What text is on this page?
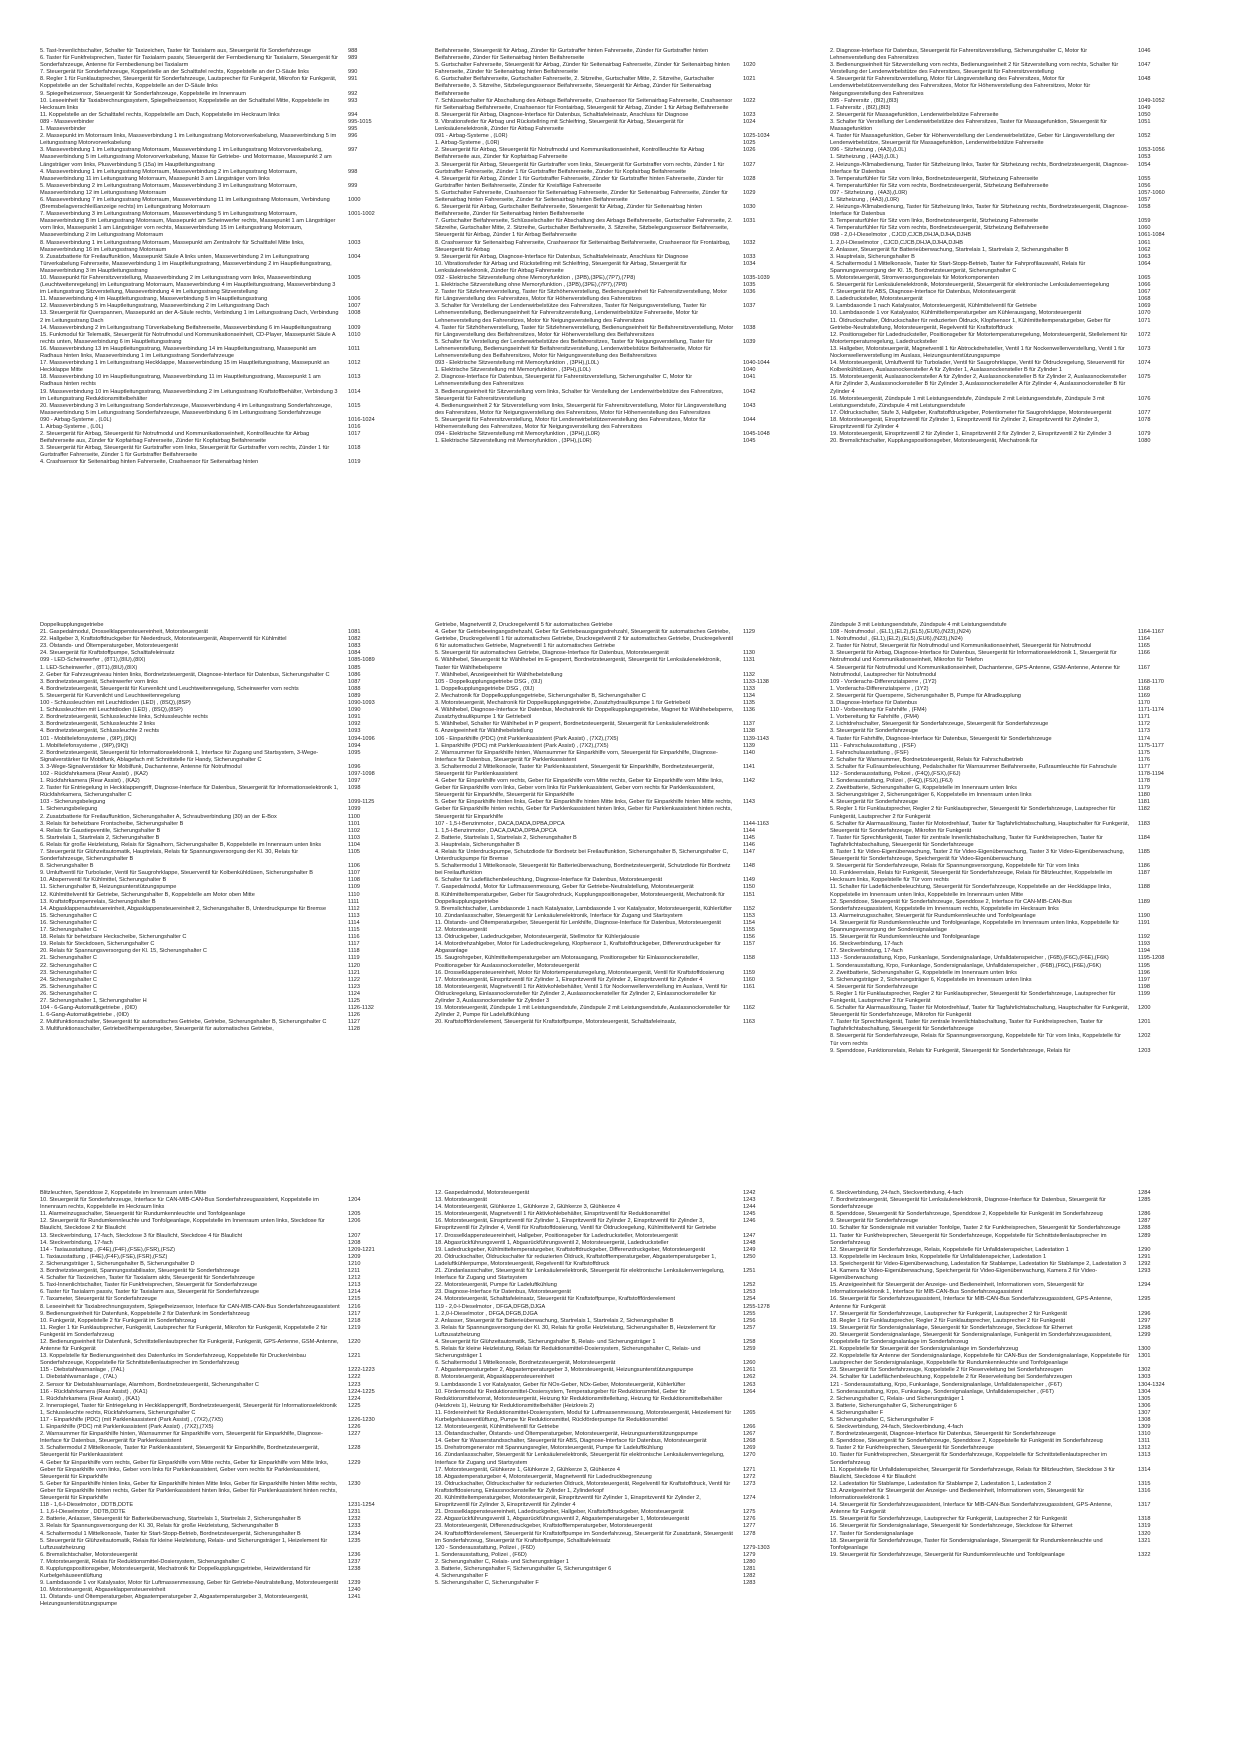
5. Tast-Innenlichtschalter, Schalter für Taxizeichen, Taster für Taxialarm aus, Steuergerät für Sonderfahrzeuge	988
6. Taster für Funkfreisprechen, Taster für Taxialarm passiv, Steuergerät der Fernbedienung für Taxialarm, Steuergerät für Sonderfahrzeuge, Antenne für Fernbedienung bei Taxialarm
989
7. Steuergerät für Sonderfahrzeuge, Koppelstelle an der Schalttafel rechts, Koppelstelle an der D-Säule links	990
8. Regler 1 für Funklautsprecher, Steuergerät für Sonderfahrzeuge, Lautsprecher für Funkgerät, Mikrofon für Funkgerät, Koppelstelle an der Schalttafel rechts, Koppelstelle an der D-Säule links
991
9. Spiegelheizsensor, Steuergerät für Sonderfahrzeuge, Koppelstelle im Innenraum	992
10. Leseeinheit für Taxiabrechnungssystem, Spiegelheizsensor, Koppelstelle an der Schalttafel Mitte, Koppelstelle im Heckraum links
993
11. Koppelstelle an der Schalttafel rechts, Koppelstelle am Dach, Koppelstelle im Heckraum links	994
089 - Masseverbinder	995-1015
1. Masseverbinder	995
2. Massepunkt im Motorraum links, Masseverbindung 1 im Leitungsstrang Motorvorverkabelung, Masseverbindung 5 im Leitungsstrang Motorvorverkabelung
996
3. Masseverbindung 1 im Leitungsstrang Motorraum, Masseverbindung 1 im Leitungsstrang Motorvorverkabelung, Masseverbindung 5 im Leitungsstrang Motorvorverkabelung, Masse für Getriebe- und Motormasse, Massepunkt 2 am Längsträger vorn links, Plusverbindung 5 (15a) im Hauptleitungsstrang
997
4. Masseverbindung 1 im Leitungsstrang Motorraum, Masseverbindung 2 im Leitungsstrang Motorraum, Masseverbindung 11 im Leitungsstrang Motorraum, Massepunkt 3 am Längsträger vorn links
998
5. Masseverbindung 2 im Leitungsstrang Motorraum, Masseverbindung 3 im Leitungsstrang Motorraum, Masseverbindung 12 im Leitungsstrang Motorraum
999
6. Masseverbindung 7 im Leitungsstrang Motorraum, Masseverbindung 11 im Leitungsstrang Motorraum, Verbindung (Bremsbelagverschleißanzeige rechts) im Leitungsstrang Motorraum
1000
7. Masseverbindung 3 im Leitungsstrang Motorraum, Masseverbindung 5 im Leitungsstrang Motorraum, Masseverbindung 8 im Leitungsstrang Motorraum, Massepunkt am Scheinwerfer rechts, Massepunkt 1 am Längsträger vorn links, Massepunkt 1 am Längsträger vorn rechts, Masseverbindung 15 im Leitungsstrang Motorraum, Masseverbindung 2 im Leitungsstrang Motorraum
1001-1002
8. Masseverbindung 1 im Leitungsstrang Motorraum, Massepunkt am Zentralrohr für Schalttafel Mitte links, Masseverbindung 16 im Leitungsstrang Motorraum
1003
9. Zusatzbatterie für Freilauffunktion, Massepunkt Säule A links unten, Masseverbindung 2 im Leitungsstrang Türverkabelung Fahrerseite, Masseverbindung 1 im Hauptleitungsstrang, Masseverbindung 2 im Hauptleitungsstrang, Masseverbindung 3 im Hauptleitungsstrang
1004
10. Massepunkt für Fahrersitzverstellung, Masseverbindung 2 im Leitungsstrang vorn links, Masseverbindung (Leuchtweitenregelung) im Leitungsstrang Motorraum, Masseverbindung 4 im Hauptleitungsstrang, Masseverbindung 3 im Leitungsstrang Sitzverstellung, Masseverbindung 4 im Leitungsstrang Sitzverstellung
1005
11. Masseverbindung 4 im Hauptleitungsstrang, Masseverbindung 5 im Hauptleitungsstrang	1006
12. Masseverbindung 5 im Hauptleitungsstrang, Masseverbindung 2 im Leitungsstrang Dach	1007
13. Steuergerät für Querspannen, Massepunkt an der A-Säule rechts, Verbindung 1 im Leitungsstrang Dach, Verbindung 2 im Leitungsstrang Dach
1008
14. Masseverbindung 2 im Leitungsstrang Türverkabelung Beifahrerseite, Masseverbindung 6 im Hauptleitungsstrang	1009
15. Funkmodul für Telematik, Steuergerät für Notrufmodul und Kommunikationseinheit, CD-Player, Massepunkt Säule A rechts unten, Masseverbindung 6 im Hauptleitungsstrang
1010
16. Masseverbindung 13 im Hauptleitungsstrang, Masseverbindung 14 im Hauptleitungsstrang, Massepunkt am Radhaus hinten links, Masseverbindung 1 im Leitungsstrang Sonderfahrzeuge
1011
17. Masseverbindung 1 im Leitungsstrang Heckklappe, Masseverbindung 15 im Hauptleitungsstrang, Massepunkt an Heckklappe Mitte
1012
18. Masseverbindung 10 im Hauptleitungsstrang, Masseverbindung 11 im Hauptleitungsstrang, Massepunkt 1 am Radhaus hinten rechts
1013
19. Masseverbindung 10 im Hauptleitungsstrang, Masseverbindung 2 im Leitungsstrang Kraftstoffbehälter, Verbindung 3 im Leitungsstrang Reduktionsmittelbehälter
1014
20. Masseverbindung 3 im Leitungsstrang Sonderfahrzeuge, Masseverbindung 4 im Leitungsstrang Sonderfahrzeuge, Masseverbindung 5 im Leitungsstrang Sonderfahrzeuge, Masseverbindung 6 im Leitungsstrang Sonderfahrzeuge
1015
090 - Airbag-Systeme , (L0L)	1016-1024
1. Airbag-Systeme , (L0L)	1016
2. Steuergerät für Airbag, Steuergerät für Notrufmodul und Kommunikationseinheit, Kontrollleuchte für Airbag Beifahrerseite aus, Zünder für Kopfairbag Fahrerseite, Zünder für Kopfairbag Beifahrerseite
1017
3. Steuergerät für Airbag, Steuergerät für Gurtstraffer vorn links, Steuergerät für Gurtstraffer vorn rechts, Zünder 1 für Gurtstraffer Fahrerseite, Zünder 1 für Gurtstraffer Beifahrerseite
1018
4. Crashsensor für Seitenairbag hinten Fahrerseite, Crashsensor für Seitenairbag hinten	1019
Beifahrerseite, Steuergerät für Airbag, Zünder für Gurtstraffer hinten Fahrerseite, Zünder für Gurtstraffer hinten Beifahrerseite, Zünder für Seitenairbag hinten Beifahrerseite
5. Gurtschalter Fahrerseite, Steuergerät für Airbag, Zünder für Seitenairbag Fahrerseite, Zünder für Seitenairbag hinten Fahrerseite, Zünder für Seitenairbag hinten Beifahrerseite
1020
6. Gurtschalter Beifahrerseite, Gurtschalter Fahrerseite, 2. Sitzreihe, Gurtschalter Mitte, 2. Sitzreihe, Gurtschalter Beifahrerseite, 3. Sitzreihe, Sitzbelegungssensor Beifahrerseite, Steuergerät für Airbag, Zünder für Seitenairbag Beifahrerseite
1021
7. Schlüsselschalter für Abschaltung des Airbags Beifahrerseite, Crashsensor für Seitenairbag Fahrerseite, Crashsensor für Seitenairbag Beifahrerseite, Crashsensor für Frontairbag, Steuergerät für Airbag, Zünder 1 für Airbag Beifahrerseite
1022
8. Steuergerät für Airbag, Diagnose-Interface für Datenbus, Schalttafeleinsatz, Anschluss für Diagnose	1023
9. Vibrationsfeder für Airbag und Rückstellring mit Schleifring, Steuergerät für Airbag, Steuergerät für Lenksäulenelektronik, Zünder für Airbag Fahrerseite
1024
091 - Airbag-Systeme , (L0R)	1025-1034
1. Airbag-Systeme , (L0R)	1025
2. Steuergerät für Airbag, Steuergerät für Notrufmodul und Kommunikationseinheit, Kontrollleuchte für Airbag Beifahrerseite aus, Zünder für Kopfairbag Fahrerseite
1026
3. Steuergerät für Airbag, Steuergerät für Gurtstraffer vorn links, Steuergerät für Gurtstraffer vorn rechts, Zünder 1 für Gurtstraffer Fahrerseite, Zünder 1 für Gurtstraffer Beifahrerseite, Zünder für Kopfairbag Beifahrerseite
1027
4. Steuergerät für Airbag, Zünder 1 für Gurtstraffer Fahrerseite, Zünder für Gurtstraffer hinten Fahrerseite, Zünder für Gurtstraffer hinten Beifahrerseite, Zünder für Kreisfläge Fahrerseite
1028
5. Gurtschalter Fahrerseite, Crashsensor für Seitenairbag Fahrerseite, Zünder für Seitenairbag Fahrerseite, Zünder für Seitenairbag hinten Fahrerseite, Zünder für Seitenairbag hinten Beifahrerseite
1029
6. Steuergerät für Airbag, Gurtschalter Beifahrerseite, Steuergerät für Airbag, Zünder für Seitenairbag hinten Beifahrerseite, Zünder für Seitenairbag hinten Beifahrerseite
1030
7. Gurtschalter Beifahrerseite, Schlüsselschalter für Abschaltung des Airbags Beifahrerseite, Gurtschalter Fahrerseite, 2. Sitzreihe, Gurtschalter Mitte, 2. Sitzreihe, Gurtschalter Beifahrerseite, 3. Sitzreihe, Sitzbelegungssensor Beifahrerseite, Steuergerät für Airbag, Zünder 1 für Airbag Beifahrerseite
1031
8. Crashsensor für Seitenairbag Fahrerseite, Crashsensor für Seitenairbag Beifahrerseite, Crashsensor für Frontairbag, Steuergerät für Airbag
1032
9. Steuergerät für Airbag, Diagnose-Interface für Datenbus, Schalttafeleinsatz, Anschluss für Diagnose	1033
10. Vibrationsfeder für Airbag und Rückstellring mit Schleifring, Steuergerät für Airbag, Steuergerät für Lenksäulenelektronik, Zünder für Airbag Fahrerseite
1034
092 - Elektrische Sitzverstellung ohne Memoryfunktion , (3PB),(3PE),(7P7),(7P8)	1035-1039
1. Elektrische Sitzverstellung ohne Memoryfunktion , (3PB),(3PE),(7P7),(7P8)	1035
2. Taster für Sitzlehnenverstellung, Taster für Sitzhöhenverstellung, Bedienungseinheit für Fahrersitzverstellung, Motor für Längsverstellung des Fahrersitzes, Motor für Höhenverstellung des Fahrersitzes
1036
3. Schalter für Verstellung der Lendenwirbelstütze des Fahrersitzes, Taster für Neigungsverstellung, Taster für Lehnenverstellung, Bedienungseinheit für Fahrersitzverstellung, Lendenwirbelstütze Fahrerseite, Motor für Lehnenverstellung des Fahrersitzes, Motor für Neigungsverstellung des Fahrersitzes
1037
4. Taster für Sitzhöhenverstellung, Taster für Sitzlehnenverstellung, Bedienungseinheit für Beifahrersitzverstellung, Motor für Längsverstellung des Beifahrersitzes, Motor für Höhenverstellung des Beifahrersitzes
1038
5. Schalter für Verstellung der Lendenwirbelstütze des Beifahrersitzes, Taster für Neigungsverstellung, Taster für Lehnenverstellung, Bedienungseinheit für Beifahrersitzverstellung, Lendenwirbelstütze Beifahrerseite, Motor für Lehnenverstellung des Beifahrersitzes, Motor für Neigungsverstellung des Beifahrersitzes
1039
093 - Elektrische Sitzverstellung mit Memoryfunktion , (3PH),(L0L)	1040-1044
1. Elektrische Sitzverstellung mit Memoryfunktion , (3PH),(L0L)	1040
2. Diagnose-Interface für Datenbus, Steuergerät für Fahrersitzverstellung, Sicherungshalter C, Motor für Lehnenverstellung des Fahrersitzes
1041
3. Bedienungseinheit für Sitzverstellung vorn links, Schalter für Verstellung der Lendenwirbelstütze des Fahrersitzes, Steuergerät für Fahrersitzverstellung
1042
4. Bedienungseinheit 2 für Sitzverstellung vorn links, Steuergerät für Fahrersitzverstellung, Motor für Längsverstellung des Fahrersitzes, Motor für Neigungsverstellung des Fahrersitzes, Motor für Höhenverstellung des Fahrersitzes
1043
5. Steuergerät für Fahrersitzverstellung, Motor für Lendenwirbelstützenverstellung des Fahrersitzes, Motor für Höhenverstellung des Fahrersitzes, Motor für Neigungsverstellung des Fahrersitzes
1044
094 - Elektrische Sitzverstellung mit Memoryfunktion , (3PH),(L0R)	1045-1048
1. Elektrische Sitzverstellung mit Memoryfunktion , (3PH),(L0R)	1045
2. Diagnose-Interface für Datenbus, Steuergerät für Fahrersitzverstellung, Sicherungshalter C, Motor für Lehnenverstellung des Fahrersitzes
1046
3. Bedienungseinheit für Sitzverstellung vorn rechts, Bedienungseinheit 2 für Sitzverstellung vorn rechts, Schalter für Verstellung der Lendenwirbelstütze des Fahrersitzes, Steuergerät für Fahrersitzverstellung
1047
4. Steuergerät für Fahrersitzverstellung, Motor für Längsverstellung des Fahrersitzes, Motor für Lendenwirbelstützenverstellung des Fahrersitzes, Motor für Höhenverstellung des Fahrersitzes, Motor für Neigungsverstellung des Fahrersitzes
1048
095 - Fahrersitz , (8I2),(8I3)	1049-1052
1. Fahrersitz , (8I2),(8I3)	1049
2. Steuergerät für Massagefunktion, Lendenwirbelstütze Fahrerseite	1050
3. Schalter für Verstellung der Lendenwirbelstütze des Fahrersitzes, Taster für Massagefunktion, Steuergerät für Massagefunktion
1051
4. Taster für Massagefunktion, Geber für Höhenverstellung der Lendenwirbelstütze, Geber für Längsverstellung der Lendenwirbelstütze, Steuergerät für Massagefunktion, Lendenwirbelstütze Fahrerseite
1052
096 - Sitzheizung , (4A3),(L0L)	1053-1056
1. Sitzheizung , (4A3),(L0L)	1053
2. Heizungs-/Klimabedienung, Taster für Sitzheizung links, Taster für Sitzheizung rechts, Bordnetzsteuergerät, Diagnose-Interface für Datenbus
1054
3. Temperaturfühler für Sitz vorn links, Bordnetzsteuergerät, Sitzheizung Fahrerseite	1055
4. Temperaturfühler für Sitz vorn rechts, Bordnetzsteuergerät, Sitzheizung Beifahrerseite	1056
097 - Sitzheizung , (4A3),(L0R)	1057-1060
1. Sitzheizung , (4A3),(L0R)	1057
2. Heizungs-/Klimabedienung, Taster für Sitzheizung links, Taster für Sitzheizung rechts, Bordnetzsteuergerät, Diagnose-Interface für Datenbus
1058
3. Temperaturfühler für Sitz vorn links, Bordnetzsteuergerät, Sitzheizung Fahrerseite	1059
4. Temperaturfühler für Sitz vorn rechts, Bordnetzsteuergerät, Sitzheizung Beifahrerseite	1060
098 - 2,0-l-Dieselmotor , CJCD,CJCB,DHJA,DJHA,DJHB	1061-1084
1. 2,0-l-Dieselmotor , CJCD,CJCB,DHJA,DJHA,DJHB	1061
2. Anlasser, Steuergerät für Batterieüberwachung, Startrelais 1, Startrelais 2, Sicherungshalter B	1062
3. Hauptrelais, Sicherungshalter B	1063
4. Schaltermodul 1 Mittelkonsole, Taster für Start-Stopp-Betrieb, Taster für Fahrprofilauswahl, Relais für Spannungsversorgung der Kl. 15, Bordnetzsteuergerät, Sicherungshalter C
1064
5. Motorsteuergerät, Stromversorgungsrelais für Motorkomponenten	1065
6. Steuergerät für Lenksäulenelektronik, Motorsteuergerät, Steuergerät für elektronische Lenksäulenverriegelung	1066
7. Steuergerät für ABS, Diagnose-Interface für Datenbus, Motorsteuergerät	1067
8. Ladedrucksteller, Motorsteuergerät	1068
9. Lambdasonde 1 nach Katalysator, Motorsteuergerät, Kühlmittelventil für Getriebe	1069
10. Lambdasonde 1 vor Katalysator, Kühlmitteltemperaturgeber am Kühlerausgang, Motorsteuergerät	1070
11. Öldruckschalter, Öldruckschalter für reduzierten Öldruck, Klopfsensor 1, Kühlmitteltemperaturgeber, Geber für Getriebe-Neutralstellung, Motorsteuergerät, Regelventil für Kraftstoffdruck
1071
12. Positionsgeber für Ladedrucksteller, Positionsgeber für Motortemperaturregelung, Motorsteuergerät, Stellelement für Motortemperaturregelung, Ladedrucksteller
1072
13. Hallgeber, Motorsteuergerät, Magnetventil 1 für Abtrockdrehsteller, Ventil 1 für Nockenwellenverstellung, Ventil 1 für Nockenwellenverstellung im Auslass, Heizungsunterstützungspumpe
1073
14. Motorsteuergerät, Umluftventil für Turbolader, Ventil für Saugrohrklappe, Ventil für Öldruckregelung, Steuerventil für Kolbenkühldüsen, Auslassnockensteller A für Zylinder 1, Auslassnockensteller B für Zylinder 1
1074
15. Motorsteuergerät, Auslassnockensteller A für Zylinder 2, Auslassnockensteller B für Zylinder 2, Auslassnockensteller A für Zylinder 3, Auslassnockensteller B für Zylinder 3, Auslassnockensteller A für Zylinder 4, Auslassnockensteller B für Zylinder 4
1075
16. Motorsteuergerät, Zündspule 1 mit Leistungsendstufe, Zündspule 2 mit Leistungsendstufe, Zündspule 3 mit Leistungsendstufe, Zündspule 4 mit Leistungsendstufe
1076
17. Öldruckschalter, Stufe 3, Hallgeber, Kraftstoffdruckgeber, Potentiometer für Saugrohrklappe, Motorsteuergerät	1077
18. Motorsteuergerät, Einspritzventil für Zylinder 1, Einspritzventil für Zylinder 2, Einspritzventil für Zylinder 3, Einspritzventil für Zylinder 4
1078
19. Motorsteuergerät, Einspritzventil 2 für Zylinder 1, Einspritzventil 2 für Zylinder 2, Einspritzventil 2 für Zylinder 3	1079
20. Bremslichtschalter, Kupplungspositionsgeber, Motorsteuergerät, Mechatronik für	1080
Doppelkupplungsgetriebe
21. Gaspedalmodul, Drosselklappensteuereinheit, Motorsteuergerät	1081
22. Hallgeber 3, Kraftstoffdruckgeber für Niederdruck, Motorsteuergerät, Absperrventil für Kühlmittel	1082
23. Ölstands- und Öltemperaturgeber, Motorsteuergerät	1083
24. Steuergerät für Kraftstoffpumpe, Schalttafeleinsatz	1084
099 - LED-Scheinwerfer , (8T1),(8IU),(8IX)	1085-1089
1. LED-Scheinwerfer , (8T1),(8IU),(8IX)	1085
2. Geber für Fahrzeugniveau hinten links, Bordnetzsteuergerät, Diagnose-Interface für Datenbus, Sicherungshalter C	1086
3. Bordnetzsteuergerät, Scheinwerfer vorn links	1087
4. Bordnetzsteuergerät, Steuergerät für Kurvenlicht und Leuchtweitenregelung, Scheinwerfer vorn rechts	1088
5. Steuergerät für Kurvenlicht und Leuchtweitenregelung	1089
100 - Schlussleuchten mit Leuchtdioden (LED) , (8SQ),(8SP)	1090-1093
1. Schlussleuchten mit Leuchtdioden (LED) , (8SQ),(8SP)	1090
2. Bordnetzsteuergerät, Schlussleuchte links, Schlussleuchte rechts	1091
3. Bordnetzsteuergerät, Schlussleuchte 2 links	1092
4. Bordnetzsteuergerät, Schlussleuchte 2 rechts	1093
101 - Mobiltelefonsysteme , (9IP),(9IQ)	1094-1096
1. Mobiltelefonsysteme , (9IP),(9IQ)	1094
2. Bordnetzsteuergerät, Steuergerät für Informationselektronik 1, Interface für Zugang und Startsystem, 3-Wege-Signalverstärker für Mobilfunk, Ablagefach mit Schnittstelle für Handy, Sicherungshalter C
1095
3. 3-Wege-Signalverstärker für Mobilfunk, Dachantenne, Antenne für Notrufmodul	1096
102 - Rückfahrkamera (Rear Assist) , (KA2)	1097-1098
1. Rückfahrkamera (Rear Assist) , (KA2)	1097
2. Taster für Entriegelung in Heckklappengriff, Diagnose-Interface für Datenbus, Steuergerät für Informationselektronik 1, Rückfahrkamera, Sicherungshalter C
1098
103 - Sicherungsbelegung	1099-1125
1. Sicherungsbelegung	1099
2. Zusatzbatterie für Freilauffunktion, Sicherungshalter A, Schraubverbindung (30) an der E-Box	1100
3. Relais für beheizbare Frontscheibe, Sicherungshalter B	1101
4. Relais für Gaustiepventile, Sicherungshalter B	1102
5. Startrelais 1, Startrelais 2, Sicherungshalter B	1103
6. Relais für große Heizleistung, Relais für Signalhorn, Sicherungshalter B, Koppelstelle im Innenraum unten links	1104
7. Steuergerät für Glühzeitautomatik, Hauptrelais, Relais für Spannungsversorgung der Kl. 30, Relais für Sonderfahrzeuge, Sicherungshalter B
1105
8. Sicherungshalter B	1106
9. Umluftventil für Turbolader, Ventil für Saugrohrklappe, Steuerventil für Kolbenkühldüsen, Sicherungshalter B	1107
10. Absperrventil für Kühlmittel, Sicherungshalter B	1108
11. Sicherungshalter B, Heizungsunterstützungspumpe	1109
12. Kühlmittelventil für Getriebe, Sicherungshalter B, Koppelstelle am Motor oben Mitte	1110
13. Kraftstoffpumpenrelais, Sicherungshalter B	1111
14. Abgasklappenaufsteuereinheit, Abgasklappensteuereinheit 2, Sicherungshalter B, Unterdruckpumpe für Bremse	1112
15. Sicherungshalter C	1113
16. Sicherungshalter C	1114
17. Sicherungshalter C	1115
18. Relais für beheizbare Heckscheibe, Sicherungshalter C	1116
19. Relais für Steckdosen, Sicherungshalter C	1117
20. Relais für Spannungsversorgung der Kl. 15, Sicherungshalter C	1118
21. Sicherungshalter C	1119
22. Sicherungshalter C	1120
23. Sicherungshalter C	1121
24. Sicherungshalter C	1122
25. Sicherungshalter C	1123
26. Sicherungshalter C	1124
27. Sicherungshalter 1, Sicherungshalter H	1125
104 - 6-Gang-Automatikgetriebe , (0ID)	1126-1132
1. 6-Gang-Automatikgetriebe , (0ID)	1126
2. Multifunktionsschalter, Steuergerät für automatisches Getriebe, Getriebe, Sicherungshalter B, Sicherungshalter C	1127
3. Multifunktionsschalter, Getriebeölhemperaturgeber, Steuergerät für automatisches Getriebe,	1128
Getriebe, Magnetventil 2, Druckregelventil 5 für automatisches Getriebe
4. Geber für Getriebeeingangsdrehzahl, Geber für Getriebeausgangsdrehzahl, Steuergerät für automatisches Getriebe, Getriebe, Druckregelventil 1 für automatisches Getriebe, Druckregelventil 2 für automatisches Getriebe, Druckregelventil 6 für automatisches Getriebe, Magnetventil 1 für automatisches Getriebe
1129
5. Steuergerät für automatisches Getriebe, Diagnose-Interface für Datenbus, Motorsteuergerät	1130
6. Wählhebel, Steuergerät für Wählhebel im E-gesperrt, Bordnetzsteuergerät, Steuergerät für Lenksäulenelektronik, Taster für Wählhebelsperre
1131
7. Wählhebel, Anzeigeeinheit für Wählhebelstellung	1132
105 - Doppelkupplungsgetriebe DSG , (0IJ)	1133-1138
1. Doppelkupplungsgetriebe DSG , (0IJ)	1133
2. Mechatronik für Doppelkupplungsgetriebe, Sicherungshalter B, Sicherungshalter C	1134
3. Motorsteuergerät, Mechatronik für Doppelkupplungsgetriebe, Zusatzhydraulikpumpe 1 für Getriebeöl	1135
4. Wählhebel, Diagnose-Interface für Datenbus, Mechatronik für Doppelkupplungsgetriebe, Magnet für Wählhebelsperre, Zusatzhydraulikpumpe 1 für Getriebeöl
1136
5. Wählhebel, Schalter für Wählhebel in P gesperrt, Bordnetzsteuergerät, Steuergerät für Lenksäulenelektronik	1137
6. Anzeigeeinheit für Wählhebelstellung	1138
106 - Einparkhilfe (PDC) (mit Parklenkassistent (Park Assist) , (7X2),(7X5)	1139-1143
1. Einparkhilfe (PDC) mit Parklenkassistent (Park Assist) , (7X2),(7X5)	1139
2. Warnsummer für Einparkhilfe hinten, Warnsummer für Einparkhilfe vorn, Steuergerät für Einparkhilfe, Diagnose-Interface für Datenbus, Steuergerät für Parklenkassistent
1140
3. Schaltermodul 2 Mittelkonsole, Taster für Parklenkassistent, Steuergerät für Einparkhilfe, Bordnetzsteuergerät, Steuergerät für Parklenkassistent
1141
4. Geber für Einparkhilfe vorn rechts, Geber für Einparkhilfe vorn Mitte rechts, Geber für Einparkhilfe vorn Mitte links, Geber für Einparkhilfe vorn links, Geber vorn links für Parklenkassistent, Geber vorn rechts für Parklenkassistent, Steuergerät für Einparkhilfe, Steuergerät für Einparkhilfe
1142
5. Geber für Einparkhilfe hinten links, Geber für Einparkhilfe hinten Mitte links, Geber für Einparkhilfe hinten Mitte rechts, Geber für Einparkhilfe hinten rechts, Geber für Parklenkassistent hinten links, Geber für Parklenkassistent hinten rechts, Steuergerät für Einparkhilfe
1143
107 - 1,5-l-Benzinmotor , DACA,DADA,DPBA,DPCA	1144-1163
1. 1,5-l-Benzinmotor , DACA,DADA,DPBA,DPCA	1144
2. Batterie, Startrelais 1, Startrelais 2, Sicherungshalter B	1145
3. Hauptrelais, Sicherungshalter B	1146
4. Relais für Unterdruckpumpe, Schutzdiode für Bordnetz bei Freilauffunktion, Sicherungshalter B, Sicherungshalter C, Unterdruckpumpe für Bremse
1147
5. Schaltermodul 1 Mittelkonsole, Steuergerät für Batterieüberwachung, Bordnetzsteuergerät, Schutzdiode für Bordnetz bei Freilauffunktion
1148
6. Schalter für Ladeflächenbeleuchtung, Diagnose-Interface für Datenbus, Motorsteuergerät	1149
7. Gaspedalmodul, Motor für Luftmassenmessung, Geber für Getriebe-Neutralstellung, Motorsteuergerät	1150
8. Kühlmitteltemperaturgeber, Geber für Saugrohrdruck, Kupplungspositionsgeber, Motorsteuergerät, Mechatronik für Doppelkupplungsgetriebe
1151
9. Bremslichtschalter, Lambdasonde 1 nach Katalysator, Lambdasonde 1 vor Katalysator, Motorsteuergerät, Kühlerlüfter	1152
10. Zündanlassschalter, Steuergerät für Lenksäulenelektronik, Interface für Zugang und Startsystem	1153
11. Ölstands- und Öltemperaturgeber, Steuergerät für Lenkhilfe, Diagnose-Interface für Datenbus, Motorsteuergerät	1154
12. Motorsteuergerät	1155
13. Öldruckgeber, Ladedruckgeber, Motorsteuergerät, Stellmotor für Kühlerjalousie	1156
14. Motordrehzahlgeber, Motor für Ladedruckregelung, Klopfsensor 1, Kraftstoffdruckgeber, Differenzdruckgeber für Abgasanlage
1157
15. Saugrohrgeber, Kühlmitteltemperaturgeber am Motorausgang, Positionsgeber für Einlassnockensteller, Positionsgeber für Auslassnockensteller, Motorsteuergerät
1158
16. Drosselklappensteuereinheit, Motor für Motortemperaturregelung, Motorsteuergerät, Ventil für Kraftstoffdosierung	1159
17. Motorsteuergerät, Einspritzventil für Zylinder 1, Einspritzventil für Zylinder 2, Einspritzventil für Zylinder 4	1160
18. Motorsteuergerät, Magnetventil 1 für Aktivkohlebehälter, Ventil 1 für Nockenwellenverstellung im Auslass, Ventil für Öldruckregelung, Einlassnockensteller für Zylinder 2, Auslassnockensteller für Zylinder 2, Einlassnockensteller für Zylinder 3, Auslassnockensteller für Zylinder 3
1161
19. Motorsteuergerät, Zündspule 1 mit Leistungsendstufe, Zündspule 2 mit Leistungsendstufe, Auslassnockensteller für Zylinder 2, Pumpe für Ladeluftkühlung
1162
20. Kraftstoffförderelement, Steuergerät für Kraftstoffpumpe, Motorsteuergerät, Schalttafeleinsatz,	1163
Zündspule 3 mit Leistungsendstufe, Zündspule 4 mit Leistungsendstufe
108 - Notrufmodul , (EL1),(EL2),(EL5),(EU6),(N23),(N24)	1164-1167
1. Notrufmodul , (EL1),(EL2),(EL5),(EU6),(N23),(N24)	1164
2. Taster für Notruf, Steuergerät für Notrufmodul und Kommunikationseinheit, Steuergerät für Notrufmodul	1165
3. Steuergerät für Airbag, Diagnose-Interface für Datenbus, Steuergerät für Informationselektronik 1, Steuergerät für Notrufmodul und Kommunikationseinheit, Mikrofon für Telefon
1166
4. Steuergerät für Notrufmodul und Kommunikationseinheit, Dachantenne, GPS-Antenne, GSM-Antenne, Antenne für Notrufmodul, Lautsprecher für Notrufmodul
1167
109 - Vorderachs-Differenzialsperre , (1Y2)	1168-1170
1. Vorderachs-Differenzialsperre , (1Y2)	1168
2. Steuergerät für Quersperre, Sicherungshalter B, Pumpe für Allradkupplung	1169
3. Diagnose-Interface für Datenbus	1170
110 - Vorbereitung für Fahrhilfe , (FM4)	1171-1174
1. Vorbereitung für Fahrhilfe , (FM4)	1171
2. Lichtdrehschalter, Steuergerät für Sonderfahrzeuge, Steuergerät für Sonderfahrzeuge	1172
3. Steuergerät für Sonderfahrzeuge	1173
4. Taster für Fahrhilfe, Diagnose-Interface für Datenbus, Steuergerät für Sonderfahrzeuge	1174
111 - Fahrschulausstattung , (FSF)	1175-1177
1. Fahrschulausstattung , (FSF)	1175
2. Schalter für Warnsummer, Bordnetzsteuergerät, Relais für Fahrschulbetrieb	1176
3. Schalter für Fußraumbeleuchtung, Pedalschalter für Warnsummer Beifahrerseite, Fußraumleuchte für Fahrschule	1177
112 - Sonderausstattung, Polizei , (F4Q),(FSX),(F6J)	1178-1194
1. Sonderausstattung, Polizei , (F4Q),(FSX),(F6J)	1178
2. Zweitbatterie, Sicherungshalter G, Koppelstelle im Innenraum unten links	1179
3. Sicherungsträger 2, Sicherungsträger 6, Koppelstelle im Innenraum unten links	1180
4. Steuergerät für Sonderfahrzeuge	1181
5. Regler 1 für Funklautsprecher, Regler 2 für Funklautsprecher, Steuergerät für Sonderfahrzeuge, Lautsprecher für Funkgerät, Lautsprecher 2 für Funkgerät
1182
6. Schalter für Alarmauslösung, Taster für Motordrehlauf, Taster für Tagfahrlichtabschaltung, Hauptschalter für Funkgerät, Steuergerät für Sonderfahrzeuge, Mikrofon für Funkgerät
1183
7. Taster für Sprechfunkgerät, Taster für zentrale Innenlichtabschaltung, Taster für Funkfreisprechen, Taster für Tagfahrlichtabschaltung, Steuergerät für Sonderfahrzeuge
1184
8. Taster 1 für Video-Eigenüberwachung, Taster 2 für Video-Eigenüberwachung, Taster 3 für Video-Eigenüberwachung, Steuergerät für Sonderfahrzeuge, Speichergerät für Video-Eigenüberwachung
1185
9. Steuergerät für Sonderfahrzeuge, Relais für Spannungsversorgung, Koppelstelle für Tür vorn links	1186
10. Funkleerrelais, Relais für Funkgerät, Steuergerät für Sonderfahrzeuge, Relais für Blitzleuchter, Koppelstelle im Heckraum links, Koppelstelle für Tür vorn rechts
1187
11. Schalter für Ladeflächenbeleuchtung, Steuergerät für Sonderfahrzeuge, Koppelstelle an der Heckklappe links, Koppelstelle im Innenraum unten links, Koppelstelle im Innenraum unten Mitte
1188
12. Spenddose, Steuergerät für Sonderfahrzeuge, Spenddose 2, Interface für CAN-MIB-CAN-Bus Sonderfahrzeugassistent, Koppelstelle im Innenraum rechts, Koppelstelle im Heckraum links
1189
13. Alarmeinzugsschalter, Steuergerät für Rundumkennleuchte und Tonfolgeanlage	1190
14. Steuergerät für Rundumkennleuchte und Tonfolgeanlage, Koppelstelle im Innenraum unten links, Koppelstelle für Spannungsversorgung der Sondersignalanlage
1191
15. Steuergerät für Rundumkennleuchte und Tonfolgeanlage	1192
16. Steckverbindung, 17-fach	1193
17. Steckverbindung, 17-fach	1194
113 - Sonderausstattung, Krpo, Funkanlage, Sondersignalanlage, Unfalldatenspeicher , (F6B),(F6C),(F6E),(F6K)	1195-1208
1. Sonderausstattung, Krpo, Funkanlage, Sondersignalanlage, Unfalldatenspeicher , (F6B),(F6C),(F6E),(F6K)	1195
2. Zweitbatterie, Sicherungshalter G, Koppelstelle im Innenraum unten links	1196
3. Sicherungsträger 2, Sicherungsträger 6, Koppelstelle im Innenraum unten links	1197
4. Steuergerät für Sonderfahrzeuge	1198
5. Regler 1 für Funklautsprecher, Regler 2 für Funklautsprecher, Steuergerät für Sonderfahrzeuge, Lautsprecher für Funkgerät, Lautsprecher 2 für Funkgerät
1199
6. Schalter für Alarmauslösung, Taster für Motordrehlauf, Taster für Tagfahrlichtabschaltung, Hauptschalter für Funkgerät, Steuergerät für Sonderfahrzeuge, Mikrofon für Funkgerät
1200
7. Taster für Sprechfunkgerät, Taster für zentrale Innenlichtabschaltung, Taster für Funkfreisprechen, Taster für Tagfahrlichtabschaltung, Steuergerät für Sonderfahrzeuge
1201
8. Steuergerät für Sonderfahrzeuge, Relais für Spannungsversorgung, Koppelstelle für Tür vorn links, Koppelstelle für Tür vorn rechts
1202
9. Spenddose, Funktionsrelais, Relais für Funkgerät, Steuergerät für Sonderfahrzeuge, Relais für	1203
Blitzleuchten, Spenddose 2, Koppelstelle im Innenraum unten Mitte
10. Steuergerät für Sonderfahrzeuge, Interface für CAN-MIB-CAN-Bus Sonderfahrzeugassistent, Koppelstelle im Innenraum rechts, Koppelstelle im Heckraum links
1204
11. Alarmeinzugsschalter, Steuergerät für Rundumkennleuchte und Tonfolgeanlage	1205
12. Steuergerät für Rundumkennleuchte und Tonfolgeanlage, Koppelstelle im Innenraum unten links, Steckdose für Blaulicht, Steckdose 2 für Blaulicht
1206
13. Steckverbindung, 17-fach, Steckdose 3 für Blaulicht, Steckdose 4 für Blaulicht	1207
14. Steckverbindung, 17-fach	1208
114 - Taxiausstattung , (F4E),(F4F),(FSE),(FSR),(FSZ)	1209-1221
1. Taxiausstattung , (F4E),(F4F),(FSE),(FSR),(FSZ)	1209
2. Sicherungsträger 1, Sicherungshalter B, Sicherungshalter D	1210
3. Bordnetzsteuergerät, Spannungsstabilisator, Steuergerät für Sonderfahrzeuge	1211
4. Schalter für Taxizeichen, Taster für Taxialarm aktiv, Steuergerät für Sonderfahrzeuge	1212
5. Taxi-Innenlichtschalter, Taster für Funkfreisprechen, Steuergerät für Sonderfahrzeuge	1213
6. Taster für Taxialarm passiv, Taster für Taxialarm aus, Steuergerät für Sonderfahrzeuge	1214
7. Taxameter, Steuergerät für Sonderfahrzeuge	1215
8. Leseeinheit für Taxiabrechnungssystem, Spiegelheizsensor, Interface für CAN-MIB-CAN-Bus Sonderfahrzeugassistent 1216
9. Bedienungseinheit für Datenfunk, Koppelstelle 2 für Datenfunk im Sonderfahrzeug	1217
10. Funkgerät, Koppelstelle 2 für Funkgerät im Sonderfahrzeug	1218
11. Regler 1 für Funklautsprecher, Funkgerät, Lautsprecher für Funkgerät, Mikrofon für Funkgerät, Koppelstelle 2 für Funkgerät im Sonderfahrzeug
1219
12. Bedienungseinheit für Datenfunk, Schnittstellenlautsprecher für Funkgerät, Funkgerät, GPS-Antenne, GSM-Antenne, Antenne für Funkgerät
1220
13. Koppelstelle für Bedienungseinheit des Datenfunks im Sonderfahrzeug, Koppelstelle für Drucker/einbau Sonderfahrzeuge, Koppelstelle für Schnittstellenlautsprecher im Sonderfahrzeug
1221
115 - Diebstahlwarnanlage , (7AL)	1222-1223
1. Diebstahlwarnanlage , (7AL)	1222
2. Sensor für Diebstahlwarnanlage, Alarmhorn, Bordnetzsteuergerät, Sicherungshalter C	1223
116 - Rückfahrkamera (Rear Assist) , (KA1)	1224-1225
1. Rückfahrkamera (Rear Assist) , (KA1)	1224
2. Innenspiegel, Taster für Entriegelung in Heckklappengriff, Bordnetzsteuergerät, Steuergerät für Informationselektronik 1, Schlussleuchte rechts, Rückfahrkamera, Sicherungshalter C
1225
117 - Einparkhilfe (PDC) (mit Parklenkassistent (Park Assist) , (7X2),(7X5)	1226-1230
1. Einparkhilfe (PDC) mit Parklenkassistent (Park Assist) , (7X2),(7X5)	1226
2. Warnsummer für Einparkhilfe hinten, Warnsummer für Einparkhilfe vorn, Steuergerät für Einparkhilfe, Diagnose-Interface für Datenbus, Steuergerät für Parklenkassistent
1227
3. Schaltermodul 2 Mittelkonsole, Taster für Parklenkassistent, Steuergerät für Einparkhilfe, Bordnetzsteuergerät, Steuergerät für Parklenkassistent
1228
4. Geber für Einparkhilfe vorn rechts, Geber für Einparkhilfe vorn Mitte rechts, Geber für Einparkhilfe vorn Mitte links, Geber für Einparkhilfe vorn links, Geber vorn links für Parklenkassistent, Geber vorn rechts für Parklenkassistent, Steuergerät für Einparkhilfe
1229
5. Geber für Einparkhilfe hinten links, Geber für Einparkhilfe hinten Mitte links, Geber für Einparkhilfe hinten Mitte rechts, Geber für Einparkhilfe hinten rechts, Geber für Parklenkassistent hinten links, Geber für Parklenkassistent hinten rechts, Steuergerät für Einparkhilfe
1230
118 - 1,6-l-Dieselmotor , DDTB,DDTE	1231-1254
1. 1,6-l-Dieselmotor , DDTB,DDTE	1231
2. Batterie, Anlasser, Steuergerät für Batterieüberwachung, Startrelais 1, Startrelais 2, Sicherungshalter B	1232
3. Relais für Spannungsversorgung der Kl. 30, Relais für große Heizleistung, Sicherungshalter B	1233
4. Schaltermodul 1 Mittelkonsole, Taster für Start-Stopp-Betrieb, Bordnetzsteuergerät, Sicherungshalter B	1234
5. Steuergerät für Glühzeitautomatik, Relais für kleine Heizleistung, Relais- und Sicherungsträger 1, Heizelement für Luftzusatzheizung
1235
6. Bremslichtschalter, Motorsteuergerät	1236
7. Motorsteuergerät, Relais für Reduktionsmittel-Dosiersystem, Sicherungshalter C	1237
8. Kupplungspositionsgeber, Motorsteuergerät, Mechatronik für Doppelkupplungsgetriebe, Heizwiderstand für Kurbelgehäuseentlüftung
1238
9. Lambdasonde 1 vor Katalysator, Motor für Luftmassenmessung, Geber für Getriebe-Neutralstellung, Motorsteuergerät	1239
10. Motorsteuergerät, Abgaseklappensteuereinheit	1240
11. Ölstands- und Öltemperaturgeber, Abgastemperaturgeber 2, Abgastemperaturgeber 3, Motorsteuergerät, Heizungsunterstützungspumpe
1241
12. Gaspedalmodul, Motorsteuergerät	1242
13. Motorsteuergerät	1243
14. Motorsteuergerät, Glühkerze 1, Glühkerze 2, Glühkerze 3, Glühkerze 4	1244
15. Motorsteuergerät, Magnetventil 1 für Aktivkohlebehälter, Einspritzventil für Reduktionsmittel	1245
16. Motorsteuergerät, Einspritzventil für Zylinder 1, Einspritzventil für Zylinder 2, Einspritzventil für Zylinder 3, Einspritzventil für Zylinder 4, Ventil für Kraftstoffdosierung, Ventil für Öldruckregelung, Kühlmittelventil für Getriebe
1246
17. Drosselklappensteuereinheit, Hallgeber, Positionsgeber für Ladedrucksteller, Motorsteuergerät	1247
18. Abgasrückführungsventil 1, Abgasrückführungsventil 2, Motorsteuergerät, Ladedrucksteller	1248
19. Ladedruckgeber, Kühlmitteltemperaturgeber, Kraftstoffdruckgeber, Differenzdruckgeber, Motorsteuergerät	1249
20. Öldruckschalter, Öldruckschalter für reduzierten Öldruck, Kraftstofftemperaturgeber, Abgastemperaturgeber 1, Ladeluftkühlerpumpe, Motorsteuergerät, Regelventil für Kraftstoffdruck
1250
21. Zündanlassschalter, Steuergerät für Lenksäulenelektronik, Steuergerät für elektronische Lenksäulenverriegelung, Interface für Zugang und Startsystem
1251
22. Motorsteuergerät, Pumpe für Ladeluftkühlung	1252
23. Diagnose-Interface für Datenbus, Motorsteuergerät	1253
24. Motorsteuergerät, Schalttafeleinsatz, Steuergerät für Kraftstoffpumpe, Kraftstoffförderelement	1254
119 - 2,0-l-Dieselmotor , DFGA,DFGB,DJGA	1255-1278
1. 2,0-l-Dieselmotor , DFGA,DFGB,DJGA	1255
2. Anlasser, Steuergerät für Batterieüberwachung, Startrelais 1, Startrelais 2, Sicherungshalter B	1256
3. Relais für Spannungsversorgung der Kl. 30, Relais für große Heizleistung, Sicherungshalter B, Heizelement für Luftzusatzheizung
1257
4. Steuergerät für Glühzeitautomatik, Sicherungshalter B, Relais- und Sicherungsträger 1	1258
5. Relais für kleine Heizleistung, Relais für Reduktionsmittel-Dosiersystem, Sicherungshalter C, Relais- und Sicherungsträger 1
1259
6. Schaltermodul 1 Mittelkonsole, Bordnetzsteuergerät, Motorsteuergerät	1260
7. Abgastemperaturgeber 2, Abgastemperaturgeber 3, Motorsteuergerät, Heizungsunterstützungspumpe	1261
8. Motorsteuergerät, Abgasklappensteuereinheit	1262
9. Lambdasonde 1 vor Katalysator, Geber für NOx-Geber, NOx-Geber, Motorsteuergerät, Kühlerlüfter	1263
10. Fördermodul für Reduktionsmittel-Dosiersystem, Temperaturgeber für Reduktionsmittel, Geber für Reduktionsmittelvorrat, Motorsteuergerät, Heizung für Reduktionsmittelleitung, Heizung für Reduktionsmittelbehälter (Heizkreis 1), Heizung für Reduktionsmittelbehälter (Heizkreis 2)
1264
11. Fördereinheit für Reduktionsmittel-Dosiersystem, Modul für Luftmassenmessung, Motorsteuergerät, Heizelement für Kurbelgehäuseentlüftung, Pumpe für Reduktionsmittel, Rückförderpumpe für Reduktionsmittel
1265
12. Motorsteuergerät, Kühlmittelventil für Getriebe	1266
13. Ölstandsschalter, Ölstands- und Öltemperaturgeber, Motorsteuergerät, Heizungsunterstützungspumpe	1267
14. Geber für Wasserstandsschalter, Steuergerät für ABS, Diagnose-Interface für Datenbus, Motorsteuergerät	1268
15. Drehstromgenerator mit Spannungsregler, Motorsteuergerät, Pumpe für Ladeluftkühlung	1269
16. Zündanlassschalter, Steuergerät für Lenksäulenelektronik, Steuergerät für elektronische Lenksäulenverriegelung, Interface für Zugang und Startsystem
1270
17. Motorsteuergerät, Glühkerze 1, Glühkerze 2, Glühkerze 3, Glühkerze 4	1271
18. Abgastemperaturgeber 4, Motorsteuergerät, Magnetventil für Ladedruckbegrenzung	1272
19. Öldruckschalter, Öldruckschalter für reduzierten Öldruck, Motorsteuergerät, Regelventil für Kraftstoffdruck, Ventil für Kraftstoffdosierung, Einlassnockensteller für Zylinder 1, Zylinderkopf
1273
20. Kühlmitteltemperaturgeber, Motorsteuergerät, Einspritzventil für Zylinder 1, Einspritzventil für Zylinder 2, Einspritzventil für Zylinder 3, Einspritzventil für Zylinder 4
1274
21. Drosselklappensteuereinheit, Ladedruckgeber, Hallgeber, Kraftstoffdruckgeber, Motorsteuergerät	1275
22. Abgasrückführungsventil 1, Abgasrückführungsventil 2, Abgastemperaturgeber 1, Motorsteuergerät	1276
23. Motorsteuergerät, Differenzdruckgeber, Kraftstofftemperaturgeber, Motorsteuergerät	1277
24. Kraftstoffförderelement, Steuergerät für Kraftstoffpumpe im Sonderfahrzeug, Steuergerät für Zusatztank, Steuergerät im Sonderfahrzeug, Steuergerät für Kraftstoffpumpe, Schalttafeleinsatz
1278
120 - Sonderausstattung, Polizei , (F6D)	1279-1303
1. Sonderausstattung, Polizei , (F6D)	1279
2. Sicherungshalter C, Relais- und Sicherungsträger 1	1280
3. Batterie, Sicherungshalter F, Sicherungshalter G, Sicherungsträger 6	1281
4. Sicherungshalter F	1282
5. Sicherungshalter C, Sicherungshalter F	1283
6. Steckverbindung, 24-fach, Steckverbindung, 4-fach	1284
7. Bordnetzsteuergerät, Steuergerät für Lenksäulenelektronik, Diagnose-Interface für Datenbus, Steuergerät für Sonderfahrzeuge
1285
8. Spenddose, Steuergerät für Sonderfahrzeuge, Spenddose 2, Koppelstelle für Funkgerät im Sonderfahrzeug	1286
9. Steuergerät für Sonderfahrzeuge	1287
10. Schalter für Sondersignale mit variabler Tonfolge, Taster 2 für Funkfreisprechen, Steuergerät für Sonderfahrzeuge	1288
11. Taster für Funkfreisprechen, Steuergerät für Sonderfahrzeuge, Koppelstelle für Schnittstellenlautsprecher im Sonderfahrzeug
1289
12. Steuergerät für Sonderfahrzeuge, Relais, Koppelstelle für Unfalldatenspeicher, Ladestation 1	1290
13. Koppelstelle im Heckraum links, Koppelstelle für Unfalldatenspeicher, Ladestation 1	1291
13. Speichergerät für Video-Eigenüberwachung, Ladestation für Stablampe, Ladestation für Stablampe 2, Ladestation 3	1292
14. Kamera für Video-Eigenüberwachung, Speichergerät für Video-Eigenüberwachung, Kamera 2 für Video-Eigenüberwachung
1293
15. Anzeigeeinheit für Steuergerät der Anzeige- und Bedieneinheit, Informationen vorn, Steuergerät für Informationselektronik 1, Interface für MIB-CAN-Bus Sonderfahrzeugassistent
1294
16. Steuergerät für Sonderfahrzeugassistent, Interface für MIB-CAN-Bus Sonderfahrzeugassistent, GPS-Antenne, Antenne für Funkgerät
1295
17. Steuergerät für Sonderfahrzeuge, Lautsprecher für Funkgerät, Lautsprecher 2 für Funkgerät	1296
18. Regler 1 für Funklautsprecher, Regler 2 für Funklautsprecher, Lautsprecher 2 für Funkgerät	1297
19. Steuergerät für Sondersignalanlage, Steuergerät für Sonderfahrzeuge, Steckdose für Ethernet	1298
20. Steuergerät Sondersignalanlage, Steuergerät für Sondersignalanlage, Funkgerät im Sonderfahrzeugassistent, Koppelstelle für Sondersignalanlage im Sonderfahrzeug
1299
21. Koppelstelle für Steuergerät der Sondersignalanlage im Sonderfahrzeug	1300
22. Koppelstelle für Antenne der Sondersignalanlage, Koppelstelle für CAN-Bus der Sondersignalanlage, Koppelstelle für Lautsprecher der Sondersignalanlage, Koppelstelle für Rundumkennleuchte und Tonfolgeanlage
1301
23. Steuergerät für Sonderfahrzeuge, Koppelstelle 2 für Reserveleitung bei Sonderfahrzeugen	1302
24. Schalter für Ladeflächenbeleuchtung, Koppelstelle 2 für Reserveleitung bei Sonderfahrzeugen	1303
121 - Sonderausstattung, Krpo, Funkanlage, Sondersignalanlage, Unfalldatenspeicher , (F6T)	1304-1324
1. Sonderausstattung, Krpo, Funkanlage, Sondersignalanlage, Unfalldatenspeicher , (F6T)	1304
2. Sicherungshalter C, Relais- und Sicherungsträger 1	1305
3. Batterie, Sicherungshalter G, Sicherungsträger 6	1306
4. Sicherungshalter F	1307
5. Sicherungshalter C, Sicherungshalter F	1308
6. Steckverbindung, 24-fach, Steckverbindung, 4-fach	1309
7. Bordnetzsteuergerät, Diagnose-Interface für Datenbus, Steuergerät für Sonderfahrzeuge	1310
8. Spenddose, Steuergerät für Sonderfahrzeuge, Spenddose 2, Koppelstelle für Funkgerät im Sonderfahrzeug	1311
9. Taster 2 für Funkfreisprechen, Steuergerät für Sonderfahrzeuge	1312
10. Taster für Funkfreisprechen, Steuergerät für Sonderfahrzeuge, Koppelstelle für Schnittstellenlautsprecher im Sonderfahrzeug
1313
11. Koppelstelle für Unfalldatenspeicher, Steuergerät für Sonderfahrzeuge, Relais für Blitzleuchten, Steckdose 3 für Blaulicht, Steckdose 4 für Blaulicht
1314
12. Ladestation für Stablampe, Ladestation für Stablampe 2, Ladestation 1, Ladestation 2	1315
13. Anzeigeeinheit für Steuergerät der Anzeige- und Bedieneinheit, Informationen vorn, Steuergerät für Informationselektronik 1
1316
14. Steuergerät für Sonderfahrzeugassistent, Interface für MIB-CAN-Bus Sonderfahrzeugassistent, GPS-Antenne, Antenne für Funkgerät
1317
15. Steuergerät für Sonderfahrzeuge, Lautsprecher für Funkgerät, Lautsprecher 2 für Funkgerät	1318
16. Steuergerät für Sondersignalanlage, Steuergerät für Sonderfahrzeuge, Steckdose für Ethernet	1319
17. Taster für Sondersignalanlage	1320
18. Steuergerät für Sonderfahrzeuge, Taster für Sondersignalanlage, Steuergerät für Rundumkennleuchte und Tonfolgeanlage
1321
19. Steuergerät für Sonderfahrzeuge, Steuergerät für Rundumkennleuchte und Tonfolgeanlage	1322
